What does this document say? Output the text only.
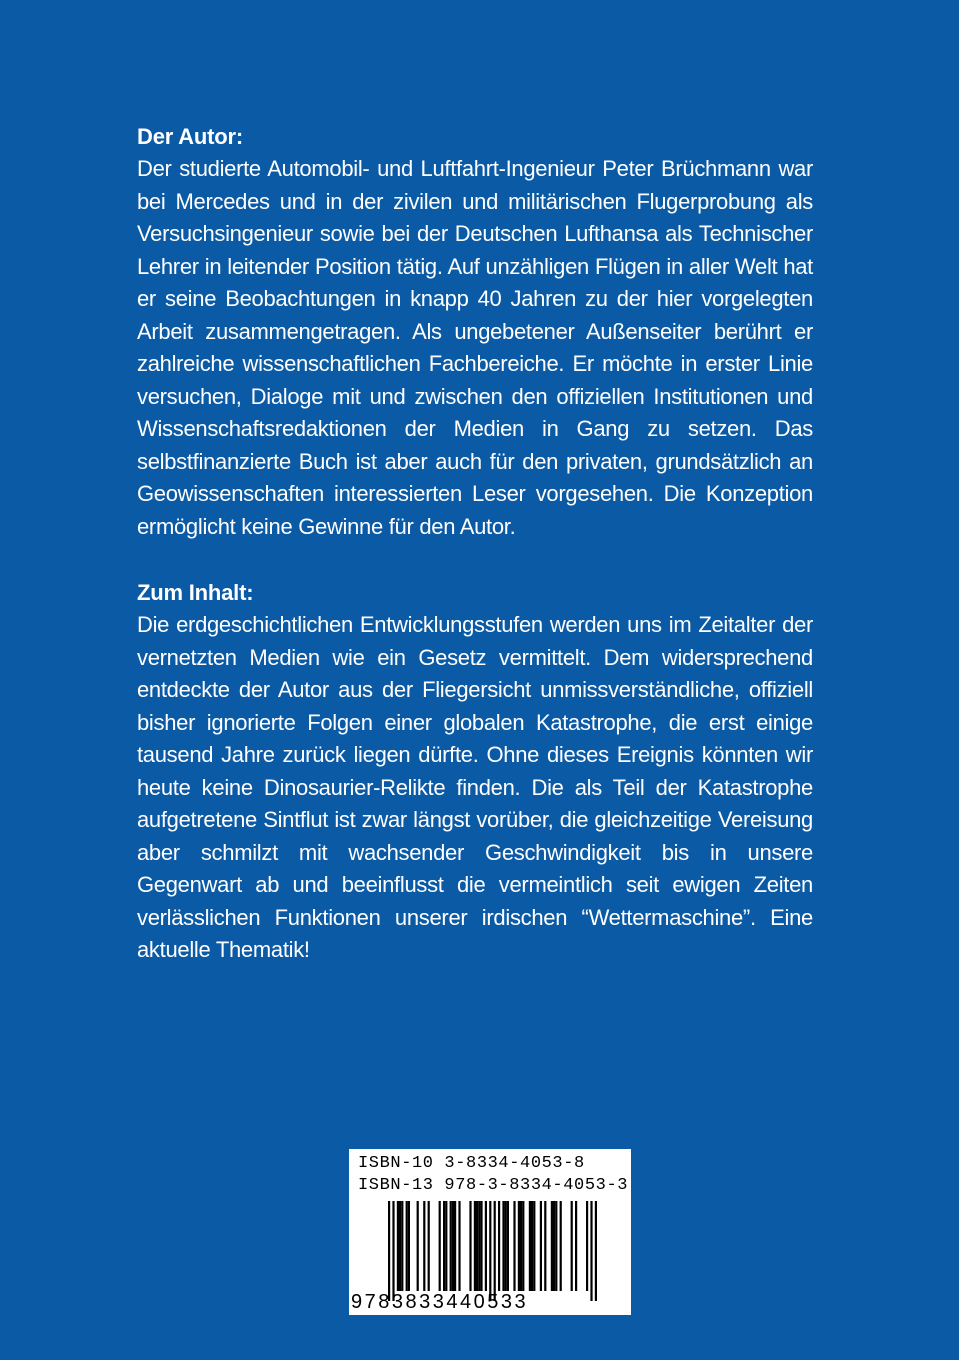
Der Autor:

Der studierte Automobil- und Luftfahrt-Ingenieur Peter Brüchmann war bei Mercedes und in der zivilen und militärischen Flugerprobung als Versuchsingenieur sowie bei der Deutschen Lufthansa als Technischer Lehrer in leitender Position tätig. Auf unzähligen Flügen in aller Welt hat er seine Beobachtungen in knapp 40 Jahren zu der hier vorgelegten Arbeit zusammengetragen. Als ungebetener Außenseiter berührt er zahlreiche wissenschaftlichen Fachbereiche. Er möchte in erster Linie versuchen, Dialoge mit und zwischen den offiziellen Institutionen und Wissenschaftsredaktionen der Medien in Gang zu setzen. Das selbstfinanzierte Buch ist aber auch für den privaten, grundsätzlich an Geowissenschaften interessierten Leser vorgesehen. Die Konzeption ermöglicht keine Gewinne für den Autor.

Zum Inhalt:

Die erdgeschichtlichen Entwicklungsstufen werden uns im Zeitalter der vernetzten Medien wie ein Gesetz vermittelt. Dem widersprechend entdeckte der Autor aus der Fliegersicht unmissverständliche, offiziell bisher ignorierte Folgen einer globalen Katastrophe, die erst einige tausend Jahre zurück liegen dürfte. Ohne dieses Ereignis könnten wir heute keine Dinosaurier-Relikte finden. Die als Teil der Katastrophe aufgetretene Sintflut ist zwar längst vorüber, die gleichzeitige Vereisung aber schmilzt mit wachsender Geschwindigkeit bis in unsere Gegenwart ab und beeinflusst die vermeintlich seit ewigen Zeiten verlässlichen Funktionen unserer irdischen “Wettermaschine”. Eine aktuelle Thematik!

ISBN-10 3-8334-4053-8
ISBN-13 978-3-8334-4053-3
9783833440533
